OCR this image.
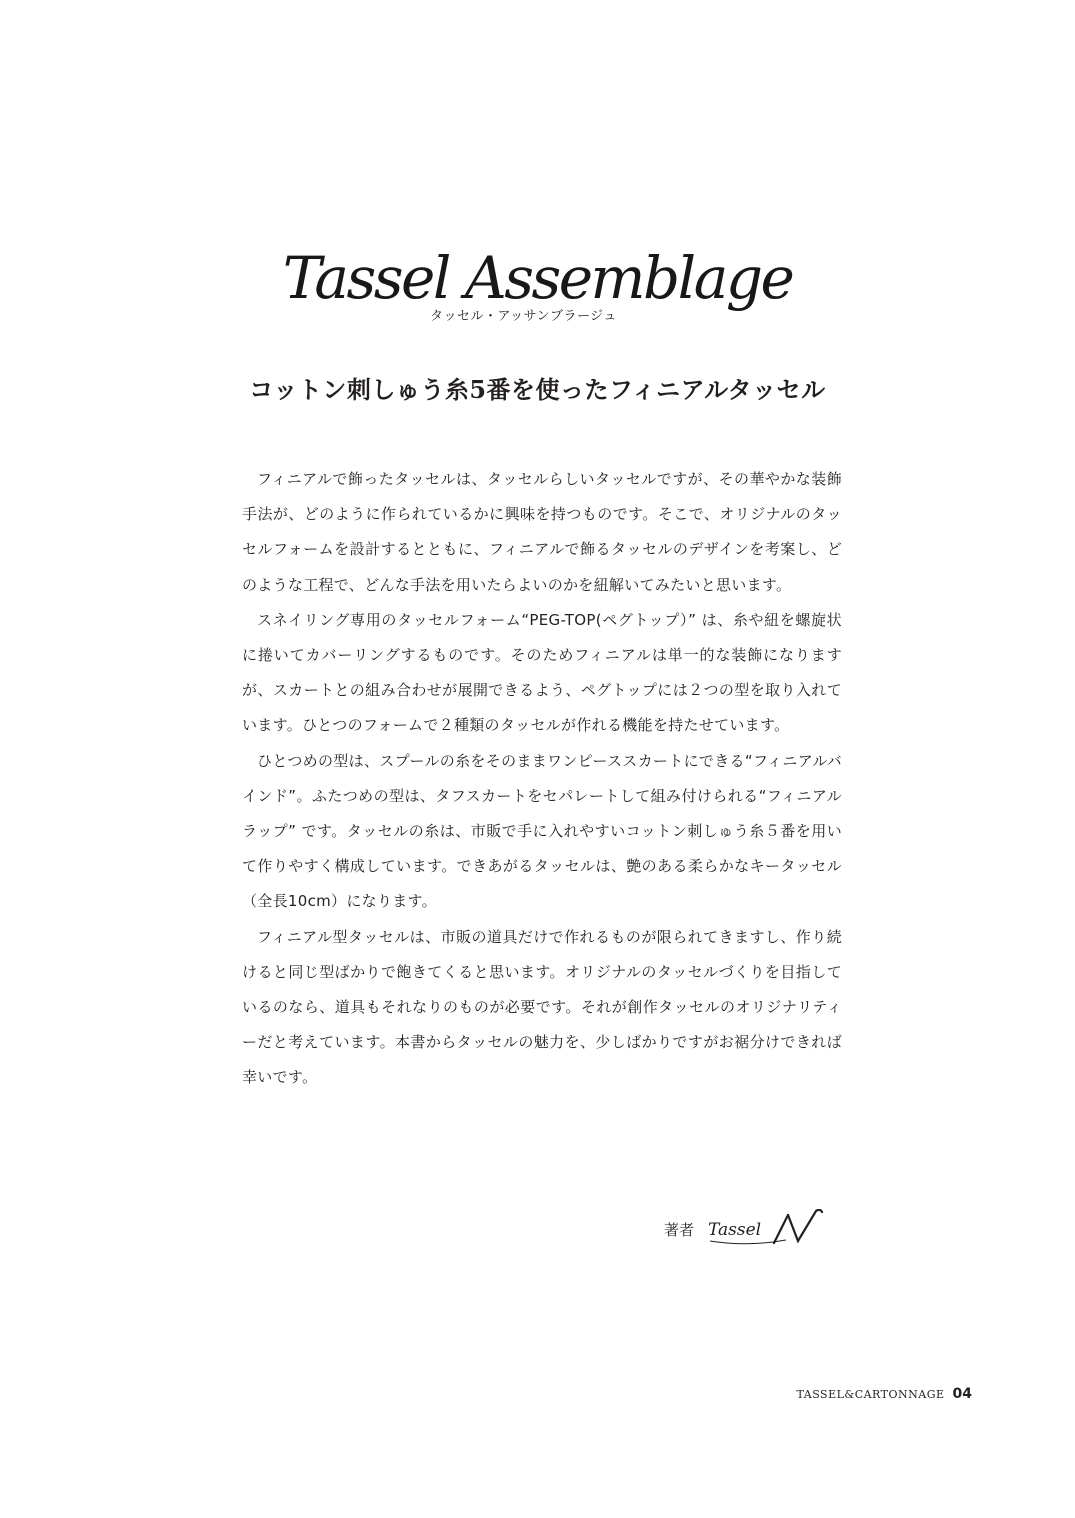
Tassel Assemblage
タッセル・アッサンブラージュ
コットン刺しゅう糸5番を使ったフィニアルタッセル

フィニアルで飾ったタッセルは、タッセルらしいタッセルですが、その華やかな装飾手法が、どのように作られているかに興味を持つものです。そこで、オリジナルのタッセルフォームを設計するとともに、フィニアルで飾るタッセルのデザインを考案し、どのような工程で、どんな手法を用いたらよいのかを紐解いてみたいと思います。

スネイリング専用のタッセルフォーム“PEG-TOP(ペグトップ）” は、糸や紐を螺旋状に捲いてカバーリングするものです。そのためフィニアルは単一的な装飾になりますが、スカートとの組み合わせが展開できるよう、ペグトップには２つの型を取り入れています。ひとつのフォームで２種類のタッセルが作れる機能を持たせています。

ひとつめの型は、スプールの糸をそのままワンピーススカートにできる“フィニアルバインド”。ふたつめの型は、タフスカートをセパレートして組み付けられる“フィニアルラップ” です。タッセルの糸は、市販で手に入れやすいコットン刺しゅう糸５番を用いて作りやすく構成しています。できあがるタッセルは、艶のある柔らかなキータッセル（全長10cm）になります。

フィニアル型タッセルは、市販の道具だけで作れるものが限られてきますし、作り続けると同じ型ばかりで飽きてくると思います。オリジナルのタッセルづくりを目指しているのなら、道具もそれなりのものが必要です。それが創作タッセルのオリジナリティーだと考えています。本書からタッセルの魅力を、少しばかりですがお裾分けできれば幸いです。

著者 Tassel
TASSEL&CARTONNAGE 04
